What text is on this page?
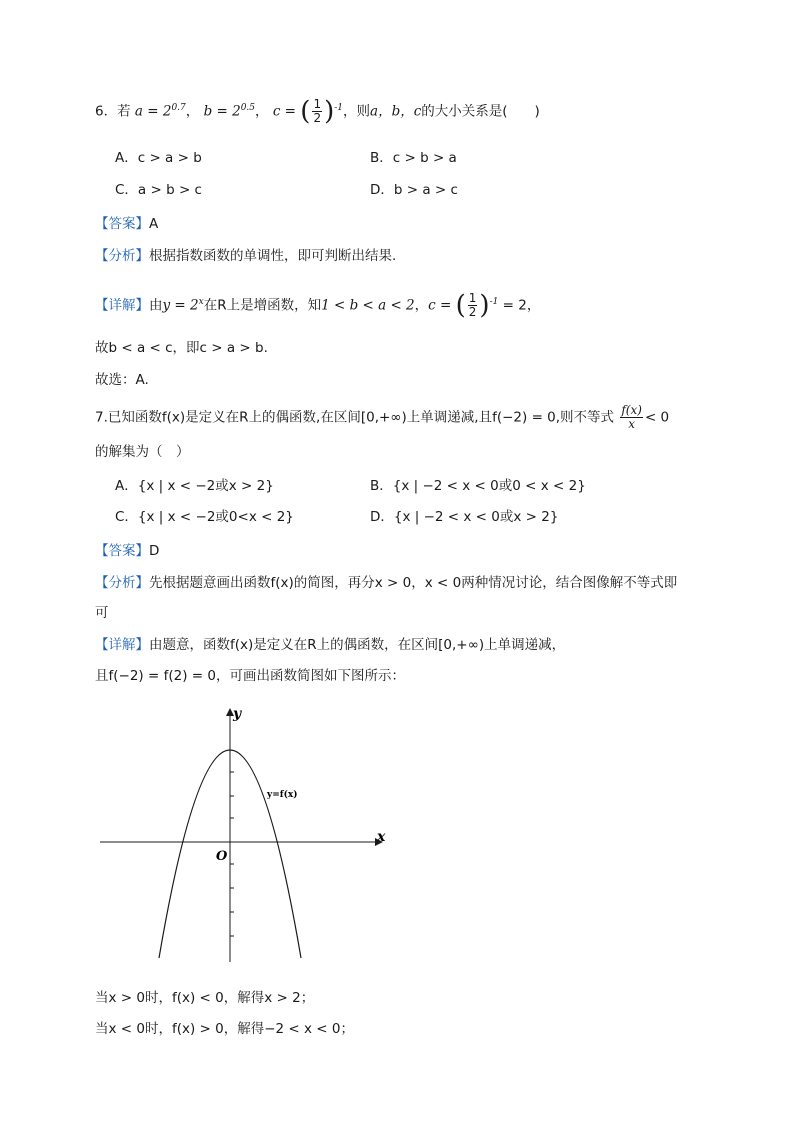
6．若 $a = 2^{0.7}$， $b = 2^{0.5}$， c = ( $\frac{1}{2} )^{-1}$，则a，b，c的大小关系是(　　)
A．c > a > b	B．c > b > a
C．a > b > c	D．b > a > c
【答案】A
【分析】根据指数函数的单调性，即可判断出结果.
【详解】由$y = 2^x$在R上是增函数，知1 < b < a < 2，c = ( $\frac{1}{2} )^{-1} = 2$，
故b < a < c，即c > a > b.
故选：A.
7.已知函数f(x)是定义在R上的偶函数,在区间[0,+∞)上单调递减,且f(−2) = 0,则不等式 $\frac{f(x)}{x} < 0$
的解集为（　）
A．{x | x < −2或x > 2}	B．{x | −2 < x < 0或0 < x < 2}
C．{x | x < −2或0<x < 2}	D．{x | −2 < x < 0或x > 2}
【答案】D
【分析】先根据题意画出函数f(x)的简图，再分x > 0，x < 0两种情况讨论，结合图像解不等式即
可
【详解】由题意，函数f(x)是定义在R上的偶函数，在区间[0,+∞)上单调递减，
且f(−2) = f(2) = 0，可画出函数简图如下图所示：
y
x
O
y=f(x)
当x > 0时，f(x) < 0，解得x > 2；
当x < 0时，f(x) > 0，解得−2 < x < 0；
